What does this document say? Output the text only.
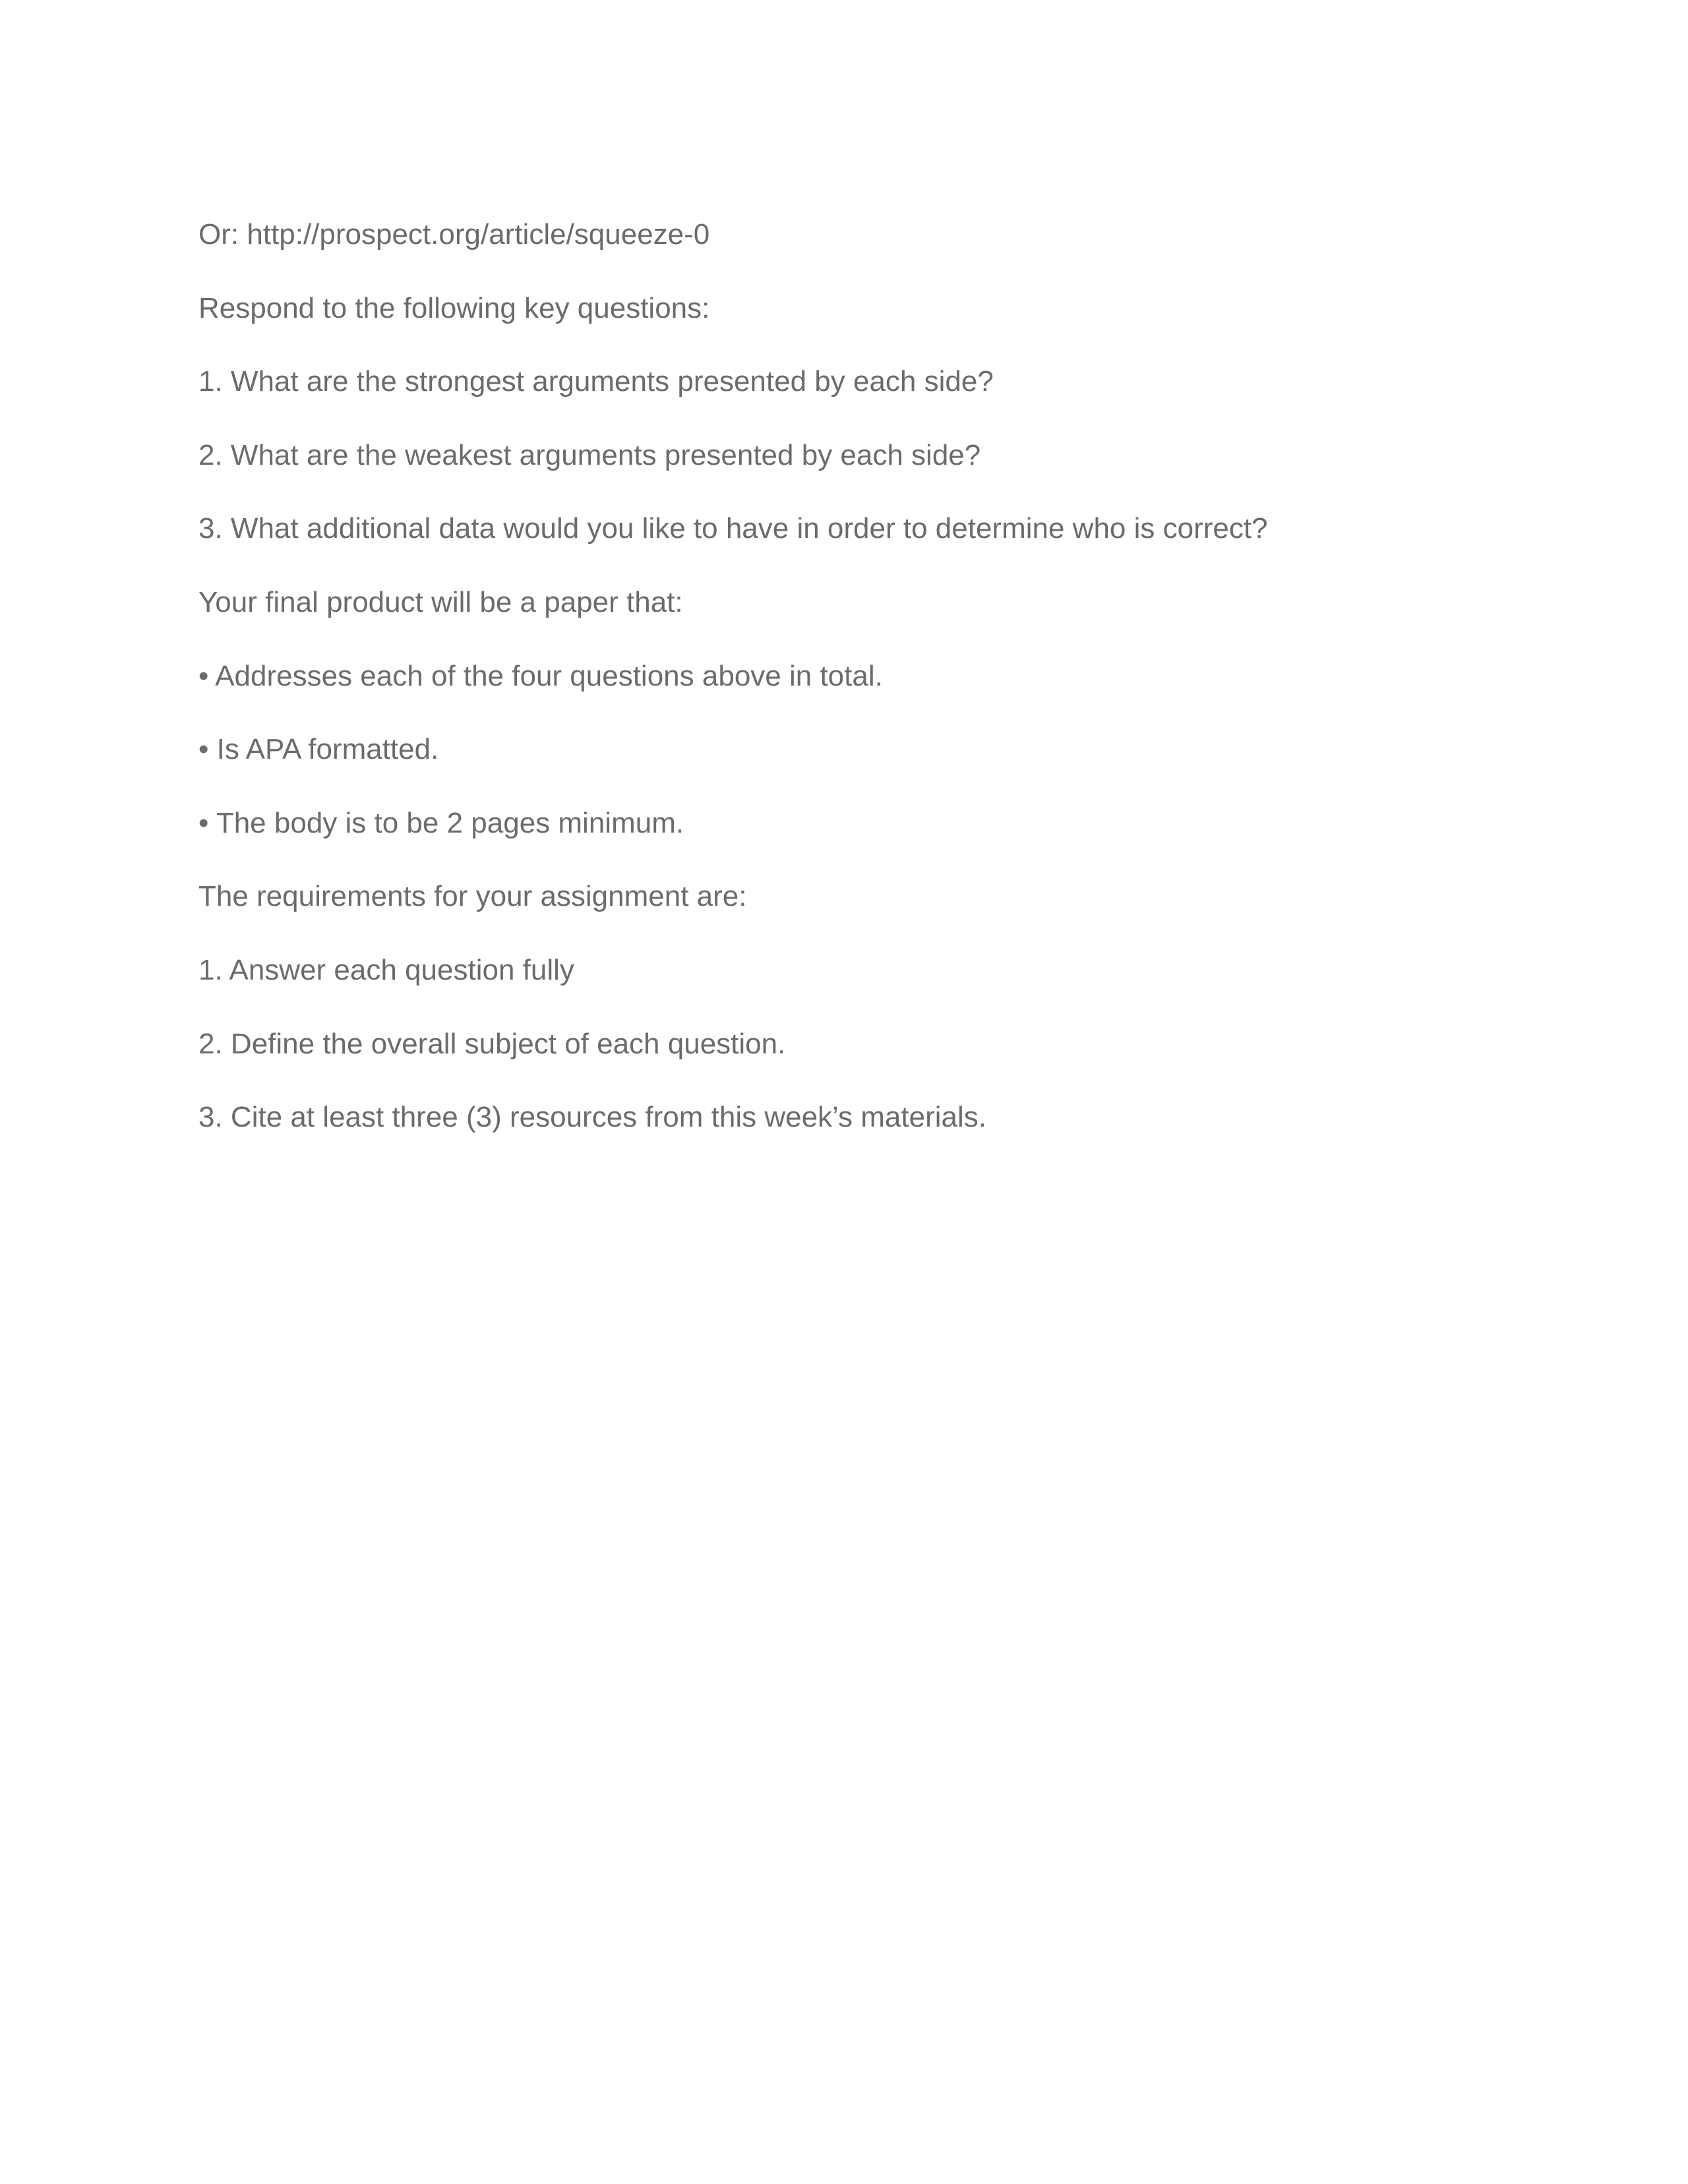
Or: http://prospect.org/article/squeeze-0

Respond to the following key questions:

1. What are the strongest arguments presented by each side?

2. What are the weakest arguments presented by each side?

3. What additional data would you like to have in order to determine who is correct?

Your final product will be a paper that:

• Addresses each of the four questions above in total.

• Is APA formatted.

• The body is to be 2 pages minimum.

The requirements for your assignment are:

1. Answer each question fully

2. Define the overall subject of each question.

3. Cite at least three (3) resources from this week’s materials.
